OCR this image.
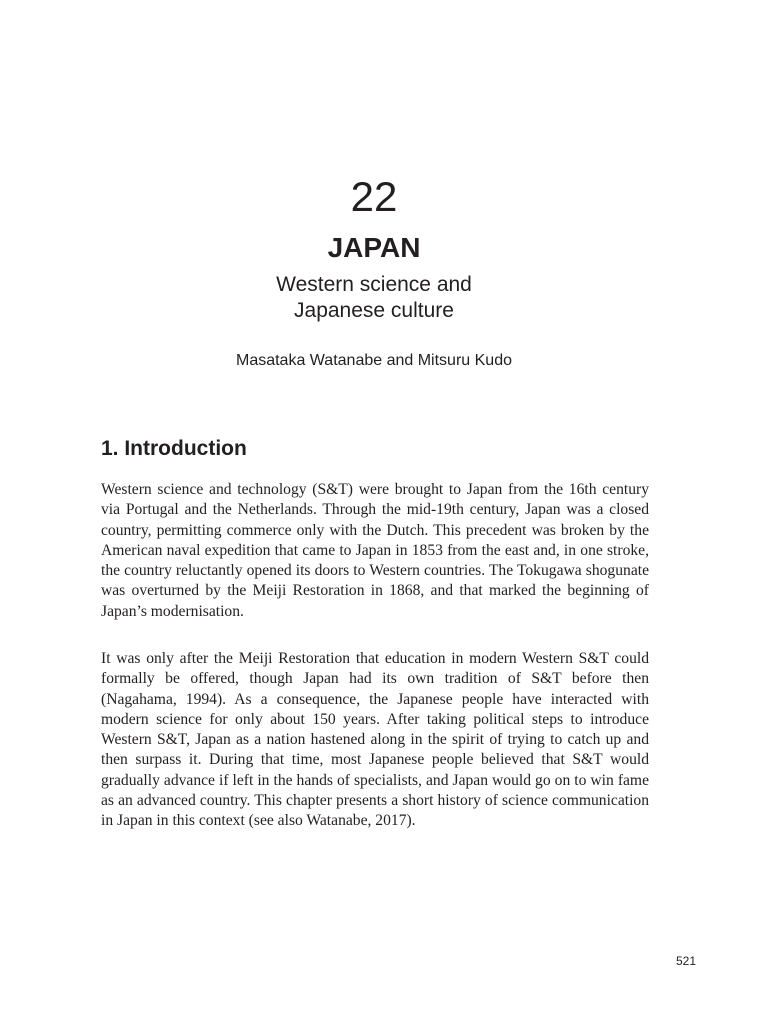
22
JAPAN
Western science and
Japanese culture
Masataka Watanabe and Mitsuru Kudo
1. Introduction

Western science and technology (S&T) were brought to Japan from the 16th century via Portugal and the Netherlands. Through the mid-19th century, Japan was a closed country, permitting commerce only with the Dutch. This precedent was broken by the American naval expedition that came to Japan in 1853 from the east and, in one stroke, the country reluctantly opened its doors to Western countries. The Tokugawa shogunate was overturned by the Meiji Restoration in 1868, and that marked the beginning of Japan’s modernisation.

It was only after the Meiji Restoration that education in modern Western S&T could formally be offered, though Japan had its own tradition of S&T before then (Nagahama, 1994). As a consequence, the Japanese people have interacted with modern science for only about 150 years. After taking political steps to introduce Western S&T, Japan as a nation hastened along in the spirit of trying to catch up and then surpass it. During that time, most Japanese people believed that S&T would gradually advance if left in the hands of specialists, and Japan would go on to win fame as an advanced country. This chapter presents a short history of science communication in Japan in this context (see also Watanabe, 2017).

521
